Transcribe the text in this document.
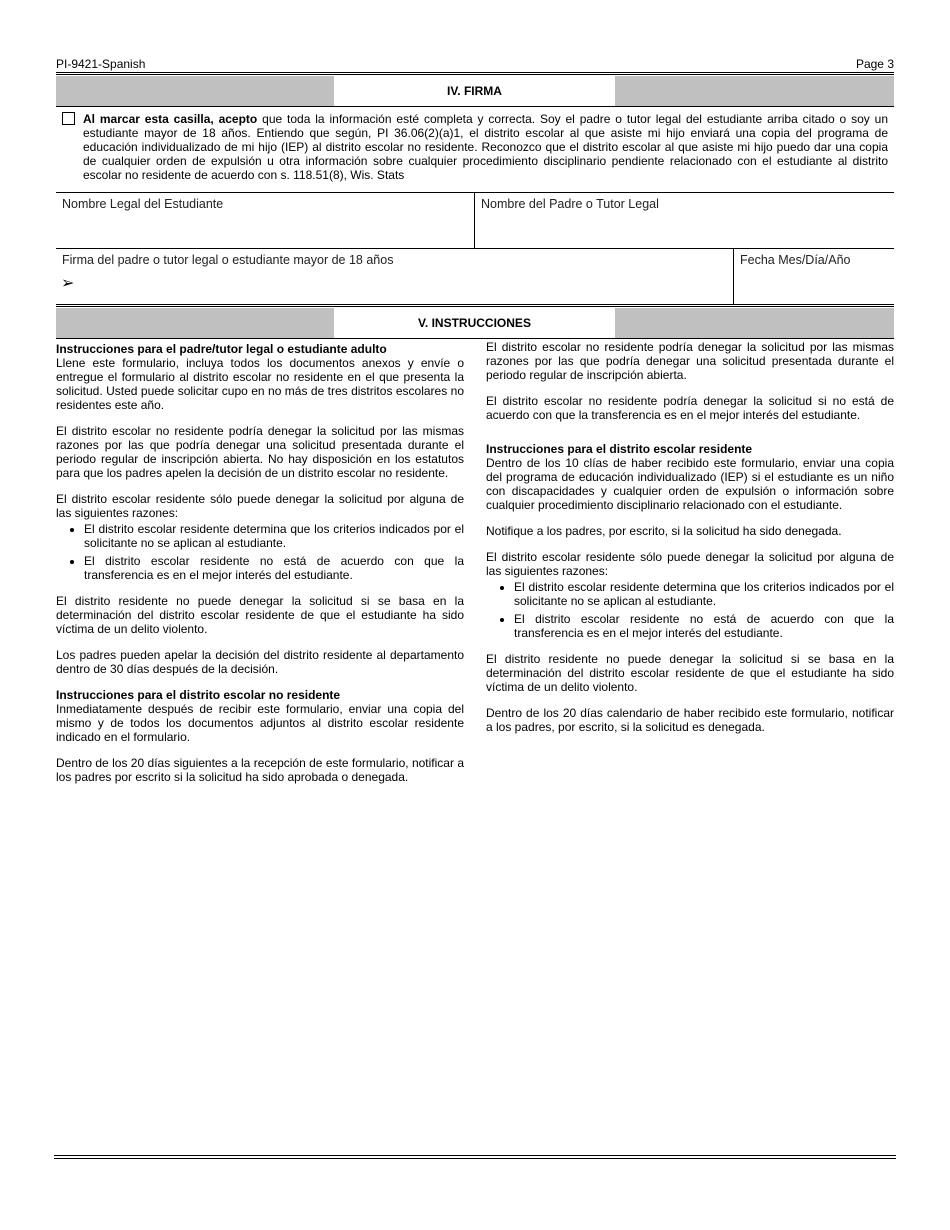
PI-9421-Spanish	Page 3
IV. FIRMA
Al marcar esta casilla, acepto que toda la información esté completa y correcta. Soy el padre o tutor legal del estudiante arriba citado o soy un estudiante mayor de 18 años. Entiendo que según, PI 36.06(2)(a)1, el distrito escolar al que asiste mi hijo enviará una copia del programa de educación individualizado de mi hijo (IEP) al distrito escolar no residente. Reconozco que el distrito escolar al que asiste mi hijo puedo dar una copia de cualquier orden de expulsión u otra información sobre cualquier procedimiento disciplinario pendiente relacionado con el estudiante al distrito escolar no residente de acuerdo con s. 118.51(8), Wis. Stats
Nombre Legal del Estudiante	Nombre del Padre o Tutor Legal
Firma del padre o tutor legal o estudiante mayor de 18 años
➢
Fecha Mes/Día/Año
V. INSTRUCCIONES
Instrucciones para el padre/tutor legal o estudiante adulto

Llene este formulario, incluya todos los documentos anexos y envíe o entregue el formulario al distrito escolar no residente en el que presenta la solicitud. Usted puede solicitar cupo en no más de tres distritos escolares no residentes este año.

El distrito escolar no residente podría denegar la solicitud por las mismas razones por las que podría denegar una solicitud presentada durante el periodo regular de inscripción abierta. No hay disposición en los estatutos para que los padres apelen la decisión de un distrito escolar no residente.

El distrito escolar residente sólo puede denegar la solicitud por alguna de las siguientes razones:

• El distrito escolar residente determina que los criterios indicados por el solicitante no se aplican al estudiante.
• El distrito escolar residente no está de acuerdo con que la transferencia es en el mejor interés del estudiante.

El distrito residente no puede denegar la solicitud si se basa en la determinación del distrito escolar residente de que el estudiante ha sido víctima de un delito violento.

Los padres pueden apelar la decisión del distrito residente al departamento dentro de 30 días después de la decisión.

Instrucciones para el distrito escolar no residente

Inmediatamente después de recibir este formulario, enviar una copia del mismo y de todos los documentos adjuntos al distrito escolar residente indicado en el formulario.

Dentro de los 20 días siguientes a la recepción de este formulario, notificar a los padres por escrito si la solicitud ha sido aprobada o denegada.

El distrito escolar no residente podría denegar la solicitud por las mismas razones por las que podría denegar una solicitud presentada durante el periodo regular de inscripción abierta.

El distrito escolar no residente podría denegar la solicitud si no está de acuerdo con que la transferencia es en el mejor interés del estudiante.

Instrucciones para el distrito escolar residente

Dentro de los 10 clías de haber recibido este formulario, enviar una copia del programa de educación individualizado (IEP) si el estudiante es un niño con discapacidades y cualquier orden de expulsión o información sobre cualquier procedimiento disciplinario relacionado con el estudiante.

Notifique a los padres, por escrito, si la solicitud ha sido denegada.

El distrito escolar residente sólo puede denegar la solicitud por alguna de las siguientes razones:

• El distrito escolar residente determina que los criterios indicados por el solicitante no se aplican al estudiante.
• El distrito escolar residente no está de acuerdo con que la transferencia es en el mejor interés del estudiante.

El distrito residente no puede denegar la solicitud si se basa en la determinación del distrito escolar residente de que el estudiante ha sido víctima de un delito violento.

Dentro de los 20 días calendario de haber recibido este formulario, notificar a los padres, por escrito, si la solicitud es denegada.
